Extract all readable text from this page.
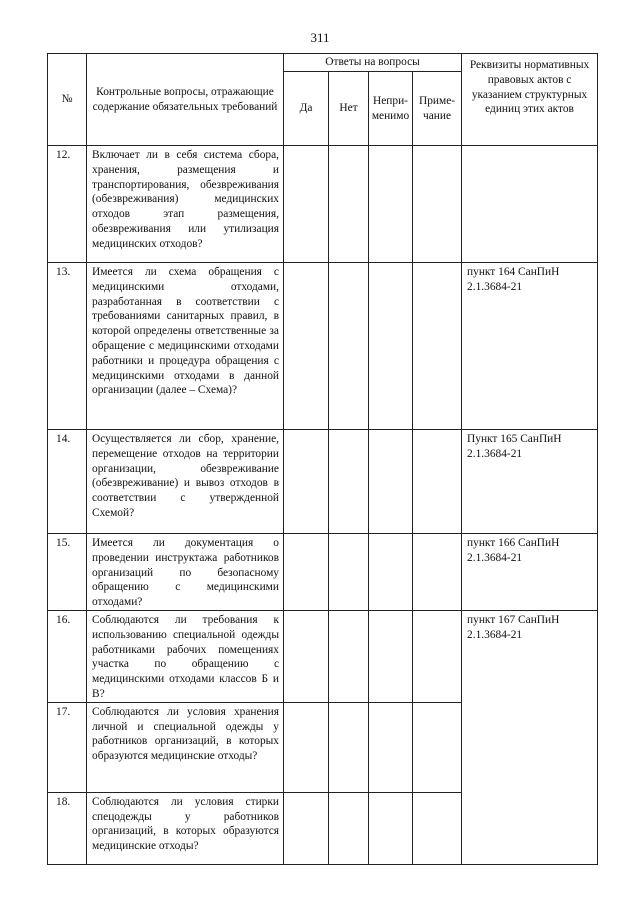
311
№	Контрольные вопросы, отражающие содержание обязательных требований	Ответы на вопросы				Реквизиты нормативных правовых актов с указанием структурных единиц этих актов
		Да	Нет	Непри-менимо	Приме-чание	
12.	Включает ли в себя система сбора, хранения, размещения и транспортирования, обезвреживания (обезвреживания) медицинских отходов этап размещения, обезвреживания или утилизация медицинских отходов?					
13.	Имеется ли схема обращения с медицинскими отходами, разработанная в соответствии с требованиями санитарных правил, в которой определены ответственные за обращение с медицинскими отходами работники и процедура обращения с медицинскими отходами в данной организации (далее – Схема)?					пункт 164 СанПиН 2.1.3684-21
14.	Осуществляется ли сбор, хранение, перемещение отходов на территории организации, обезвреживание (обезвреживание) и вывоз отходов в соответствии с утвержденной Схемой?					Пункт 165 СанПиН 2.1.3684-21
15.	Имеется ли документация о проведении инструктажа работников организаций по безопасному обращению с медицинскими отходами?					пункт 166 СанПиН 2.1.3684-21
16.	Соблюдаются ли требования к использованию специальной одежды работниками рабочих помещениях участка по обращению с медицинскими отходами классов Б и В?					пункт 167 СанПиН 2.1.3684-21
17.	Соблюдаются ли условия хранения личной и специальной одежды у работников организаций, в которых образуются медицинские отходы?					
18.	Соблюдаются ли условия стирки спецодежды у работников организаций, в которых образуются медицинские отходы?					
